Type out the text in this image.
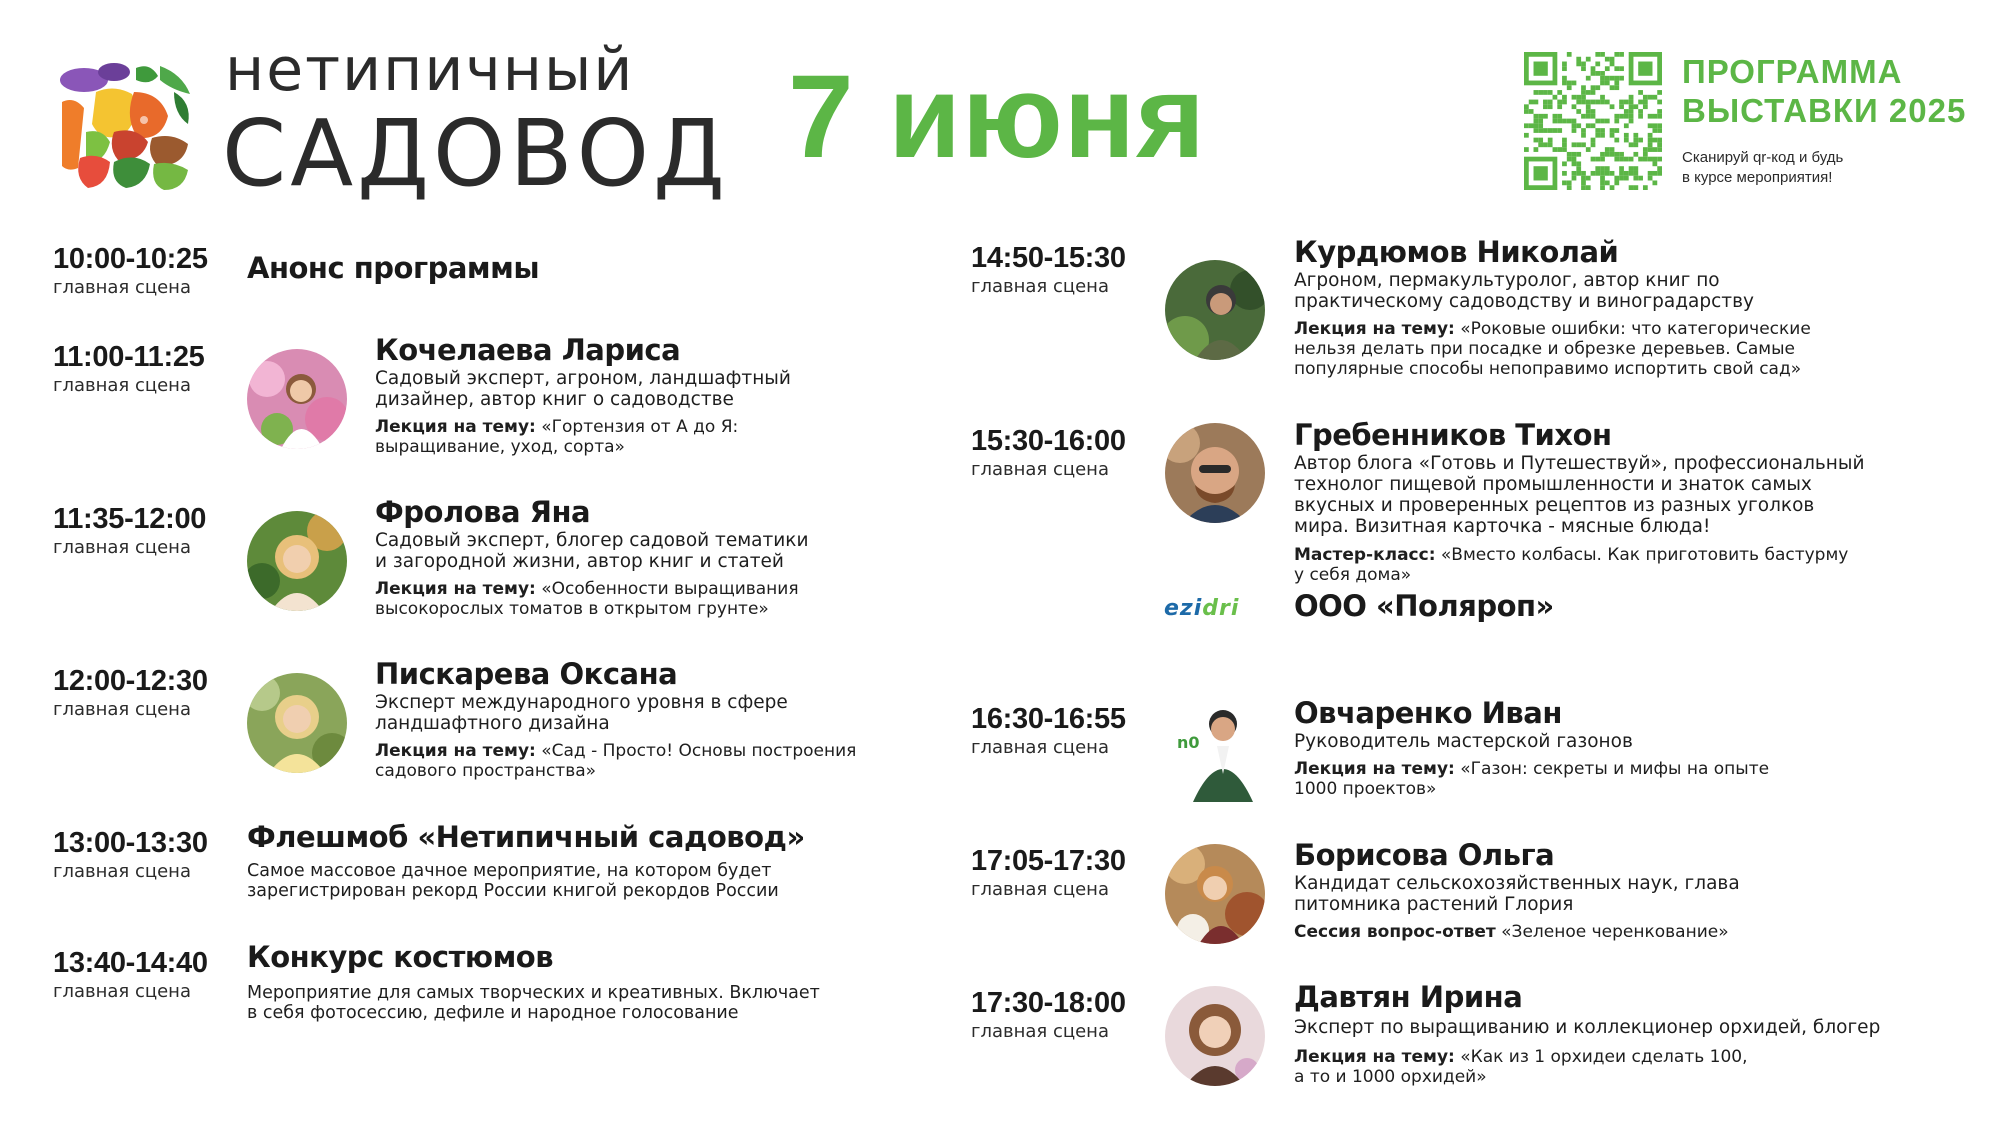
нетипичный
САДОВОД 7 июня	ПРОГРАММА
ВЫСТАВКИ 2025
Сканируй qr-код и будь
в курсе мероприятия!
10:00-10:25
главная сцена
Анонс программы
11:00-11:25
главная сцена
Кочелаева Лариса
Садовый эксперт, агроном, ландшафтный
дизайнер, автор книг о садоводстве
Лекция на тему: «Гортензия от А до Я:
выращивание, уход, сорта»
11:35-12:00
главная сцена
Фролова Яна
Садовый эксперт, блогер садовой тематики
и загородной жизни, автор книг и статей
Лекция на тему: «Особенности выращивания
высокорослых томатов в открытом грунте»
12:00-12:30
главная сцена
Пискарева Оксана
Эксперт международного уровня в сфере
ландшафтного дизайна
Лекция на тему: «Сад - Просто! Основы построения
садового пространства»
13:00-13:30
главная сцена
Флешмоб «Нетипичный садовод»
Самое массовое дачное мероприятие, на котором будет
зарегистрирован рекорд России книгой рекордов России
13:40-14:40
главная сцена
Конкурс костюмов
Мероприятие для самых творческих и креативных. Включает
в себя фотосессию, дефиле и народное голосование
14:50-15:30
главная сцена
Курдюмов Николай
Агроном, пермакультуролог, автор книг по
практическому садоводству и виноградарству
Лекция на тему: «Роковые ошибки: что категорические
нельзя делать при посадке и обрезке деревьев. Самые
популярные способы непоправимо испортить свой сад»
15:30-16:00
главная сцена
Гребенников Тихон
Автор блога «Готовь и Путешествуй», профессиональный
технолог пищевой промышленности и знаток самых
вкусных и проверенных рецептов из разных уголков
мира. Визитная карточка - мясные блюда!
Мастер-класс: «Вместо колбасы. Как приготовить бастурму
у себя дома»
ezidri ООО «Поляроп»
16:30-16:55
главная сцена	n0
Овчаренко Иван
Руководитель мастерской газонов
Лекция на тему: «Газон: секреты и мифы на опыте
1000 проектов»
17:05-17:30
главная сцена
Борисова Ольга
Кандидат сельскохозяйственных наук, глава
питомника растений Глория
Сессия вопрос-ответ «Зеленое черенкование»
17:30-18:00
главная сцена
Давтян Ирина
Эксперт по выращиванию и коллекционер орхидей, блогер
Лекция на тему: «Как из 1 орхидеи сделать 100,
а то и 1000 орхидей»
